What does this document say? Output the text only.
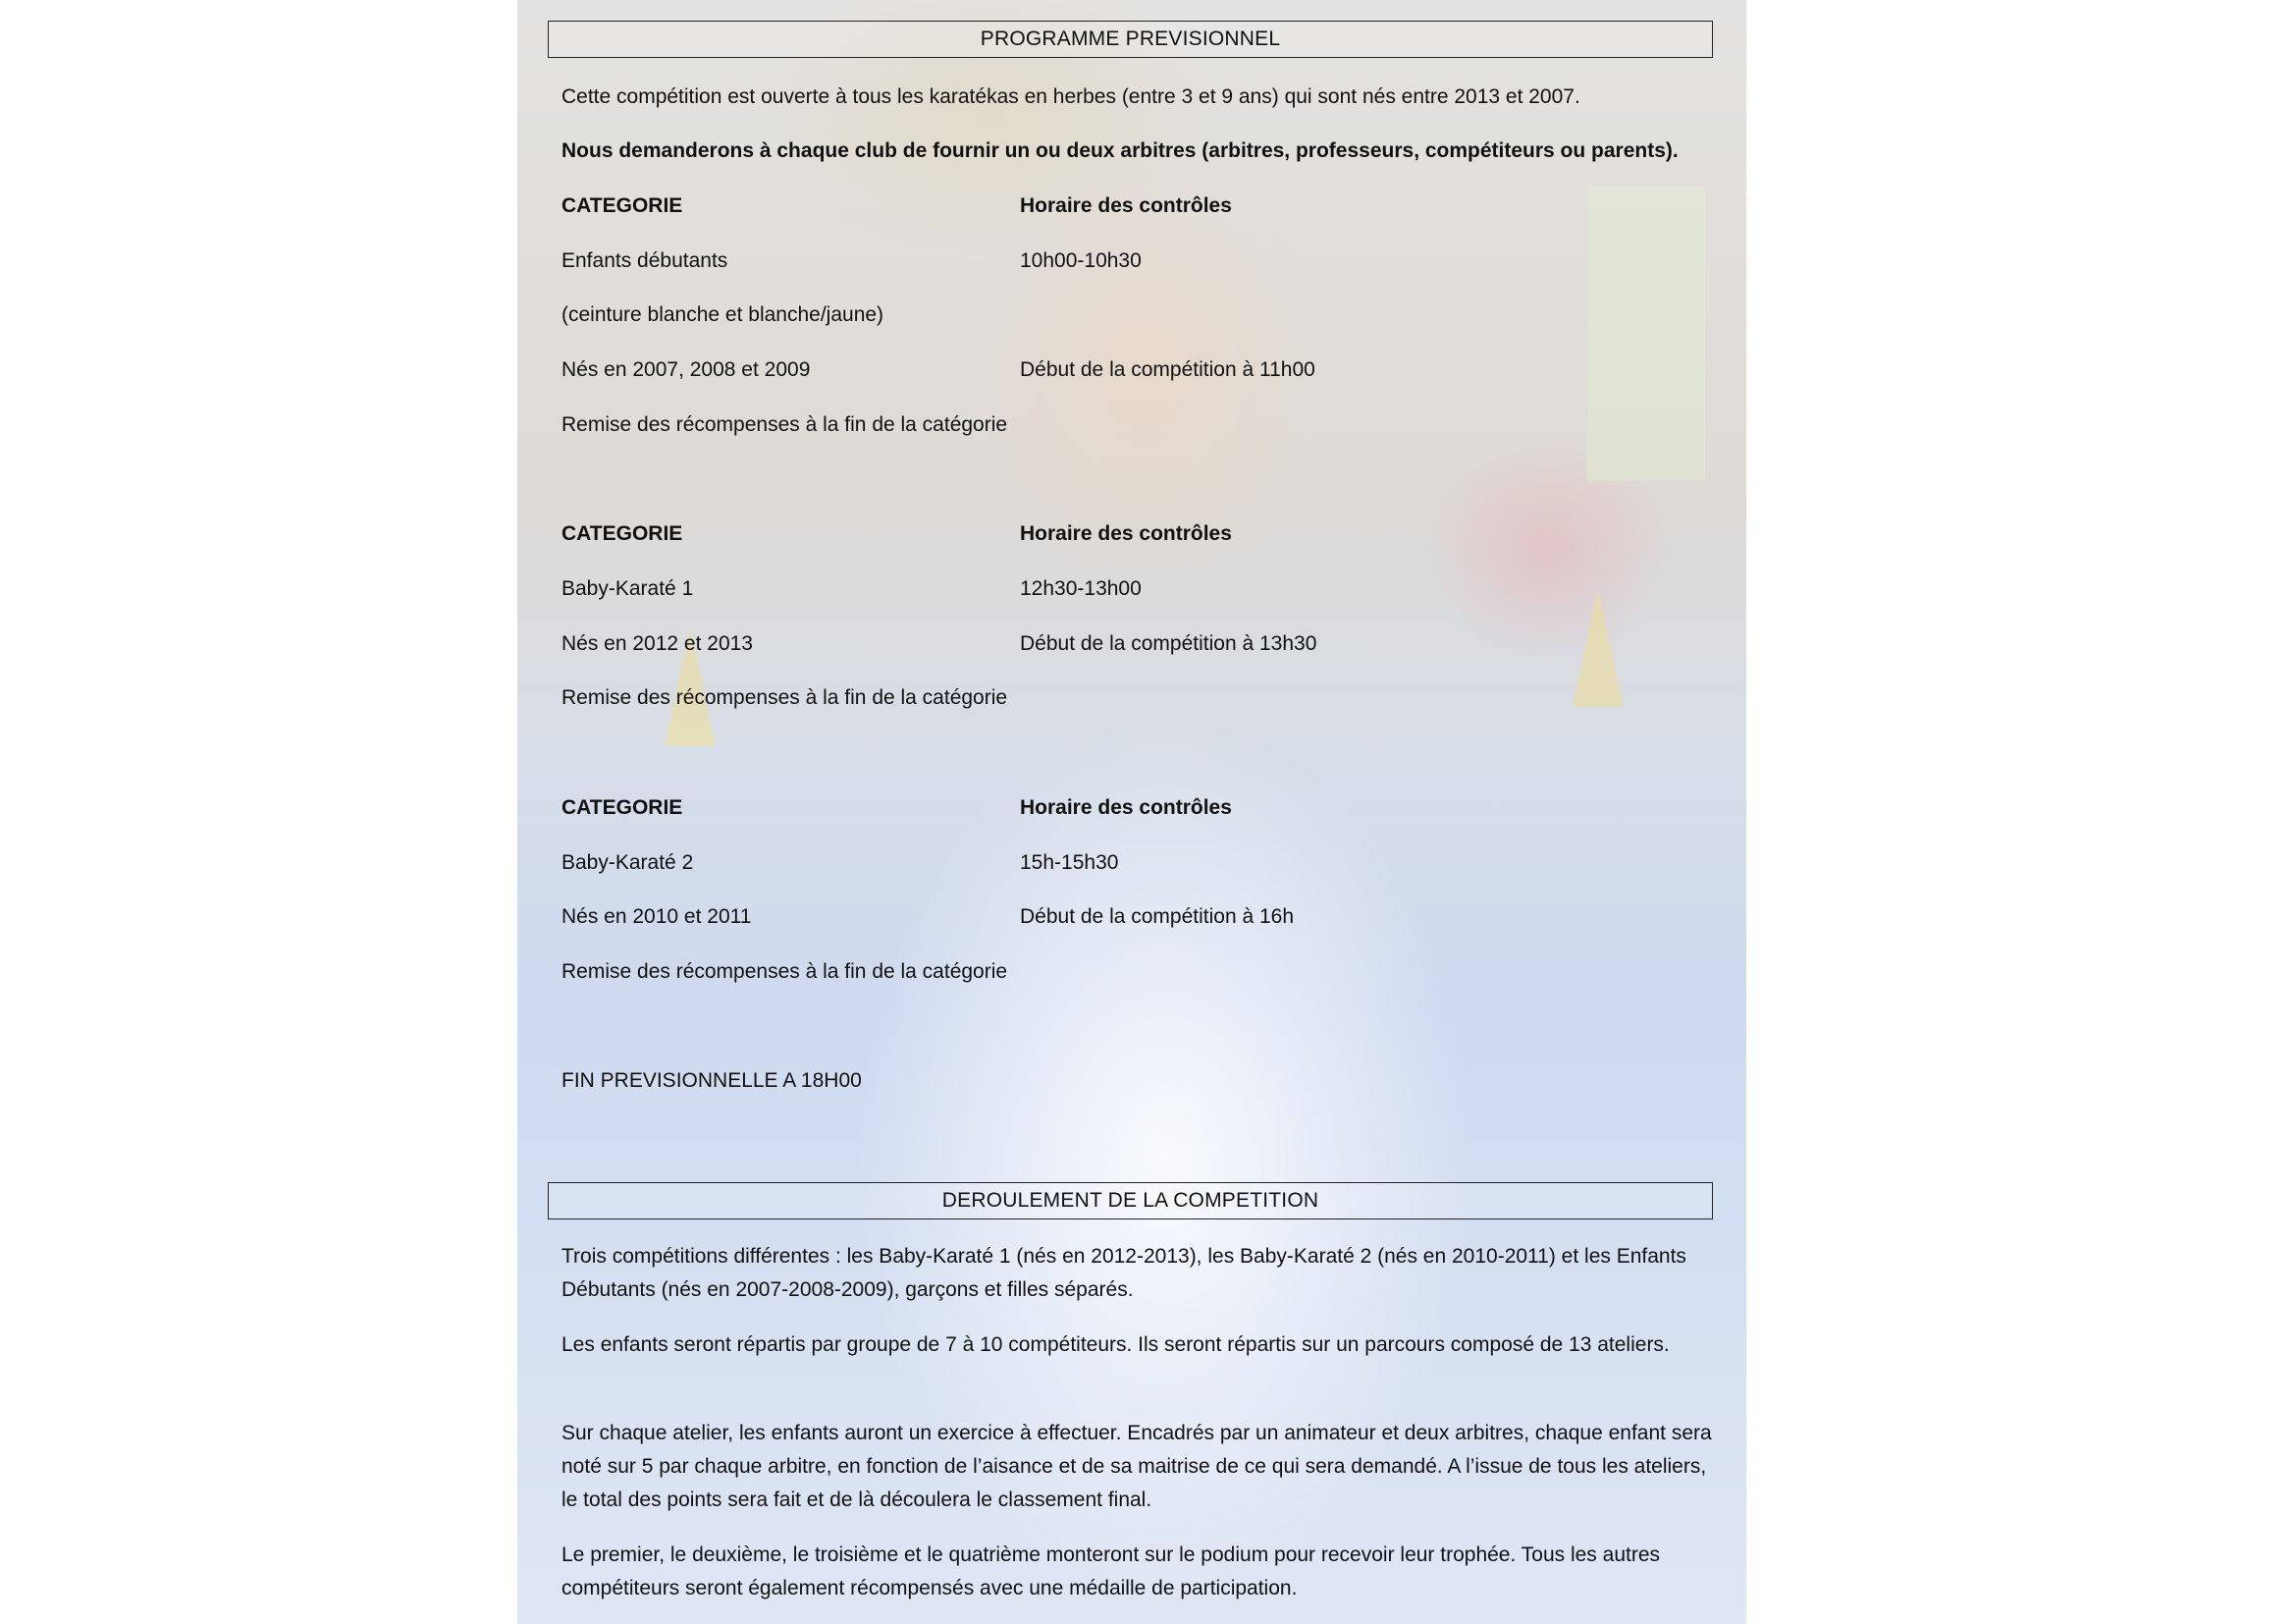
PROGRAMME PREVISIONNEL
Cette compétition est ouverte à tous les karatékas en herbes (entre 3 et 9 ans) qui sont nés entre 2013 et 2007.
Nous demanderons à chaque club de fournir un ou deux arbitres (arbitres, professeurs, compétiteurs ou parents).
CATEGORIE	Horaire des contrôles
Enfants débutants	10h00-10h30
(ceinture blanche et blanche/jaune)
Nés en 2007, 2008 et 2009	Début de la compétition à 11h00
Remise des récompenses à la fin de la catégorie
CATEGORIE	Horaire des contrôles
Baby-Karaté 1	12h30-13h00
Nés en 2012 et 2013	Début de la compétition à 13h30
Remise des récompenses à la fin de la catégorie
CATEGORIE	Horaire des contrôles
Baby-Karaté 2	15h-15h30
Nés en 2010 et 2011	Début de la compétition à 16h
Remise des récompenses à la fin de la catégorie
FIN PREVISIONNELLE A 18H00
DEROULEMENT DE LA COMPETITION
Trois compétitions différentes : les Baby-Karaté 1 (nés en 2012-2013), les Baby-Karaté 2 (nés en 2010-2011) et les Enfants Débutants (nés en 2007-2008-2009), garçons et filles séparés.
Les enfants seront répartis par groupe de 7 à 10 compétiteurs. Ils seront répartis sur un parcours composé de 13 ateliers.
Sur chaque atelier, les enfants auront un exercice à effectuer. Encadrés par un animateur et deux arbitres, chaque enfant sera noté sur 5 par chaque arbitre, en fonction de l’aisance et de sa maitrise de ce qui sera demandé. A l’issue de tous les ateliers, le total des points sera fait et de là découlera le classement final.
Le premier, le deuxième, le troisième et le quatrième monteront sur le podium pour recevoir leur trophée. Tous les autres compétiteurs seront également récompensés avec une médaille de participation.
